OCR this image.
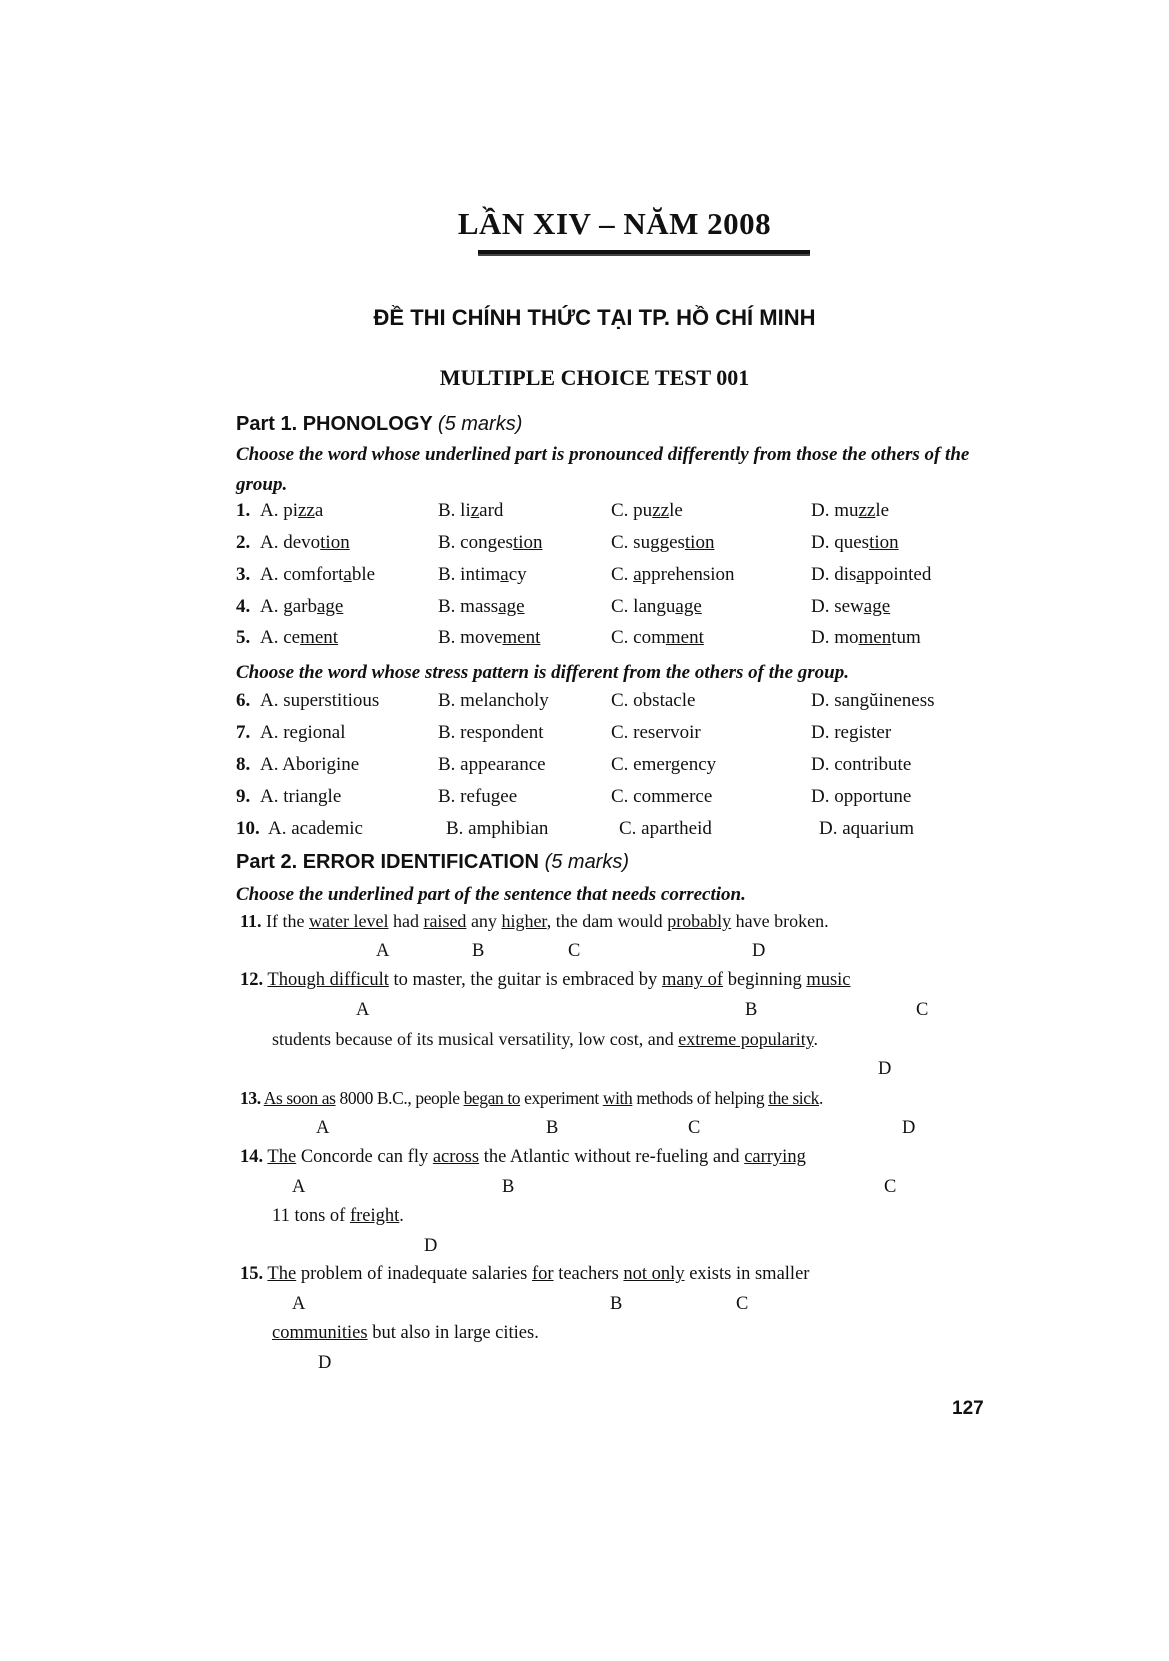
LẦN XIV – NĂM 2008
ĐỀ THI CHÍNH THỨC TẠI TP. HỒ CHÍ MINH
MULTIPLE CHOICE TEST 001
Part 1. PHONOLOGY (5 marks)
Choose the word whose underlined part is pronounced differently from those the others of the group.
1. A. pizza	B. lizard	C. puzzle	D. muzzle
2. A. devotion	B. congestion	C. suggestion	D. question
3. A. comfortable	B. intimacy	C. apprehension	D. disappointed
4. A. garbage	B. massage	C. language	D. sewage
5. A. cement	B. movement	C. comment	D. momentum
6. A. superstitious	B. melancholy	C. obstacle	D. sangŭineness
7. A. regional	B. respondent	C. reservoir	D. register
8. A. Aborigine	B. appearance	C. emergency	D. contribute
9. A. triangle	B. refugee	C. commerce	D. opportune
10. A. academic	B. amphibian	C. apartheid	D. aquarium
Choose the word whose stress pattern is different from the others of the group.
Part 2. ERROR IDENTIFICATION (5 marks)
Choose the underlined part of the sentence that needs correction.
11. If the water level had raised any higher, the dam would probably have broken.
A	B	C	D
12. Though difficult to master, the guitar is embraced by many of beginning music
A	B	C
students because of its musical versatility, low cost, and extreme popularity.
D
13. As soon as 8000 B.C., people began to experiment with methods of helping the sick.
A	B	C	D
14. The Concorde can fly across the Atlantic without re-fueling and carrying
A	B	C
11 tons of freight.
D
15. The problem of inadequate salaries for teachers not only exists in smaller
A	B	C
communities but also in large cities.
D
127
